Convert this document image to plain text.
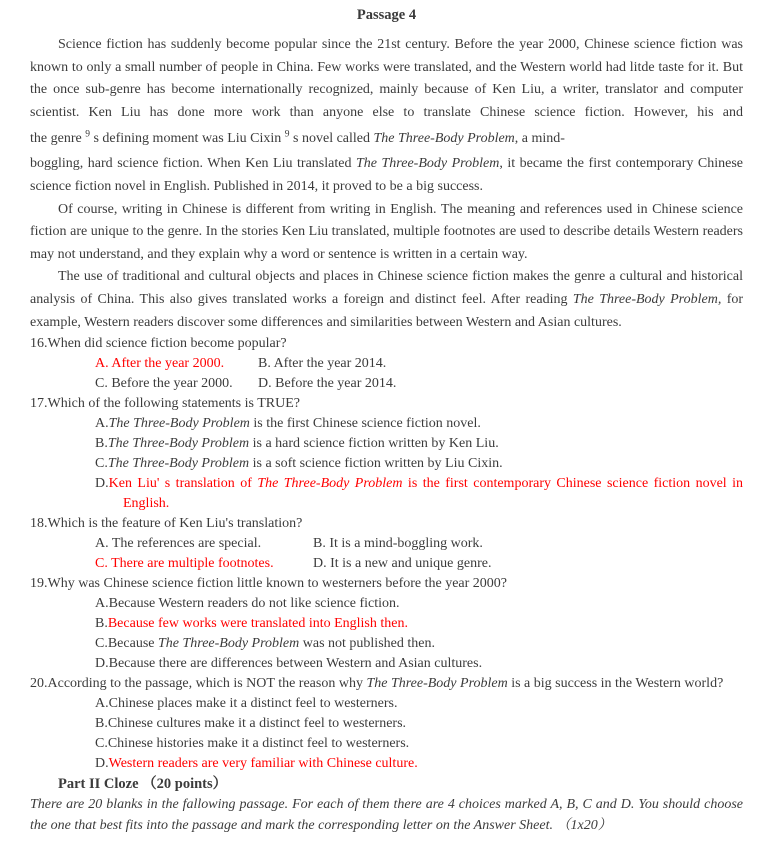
Passage 4

Science fiction has suddenly become popular since the 21st century. Before the year 2000, Chinese science fiction was known to only a small number of people in China. Few works were translated, and the Western world had litde taste for it. But the once sub-genre has become internationally recognized, mainly because of Ken Liu, a writer, translator and computer scientist. Ken Liu has done more work than anyone else to translate Chinese science fiction. However, his and

the genre $^9$ s defining moment was Liu Cixin $^9$ s novel called The Three-Body Problem, a mind-

boggling, hard science fiction. When Ken Liu translated The Three-Body Problem, it became the first contemporary Chinese science fiction novel in English. Published in 2014, it proved to be a big success.

Of course, writing in Chinese is different from writing in English. The meaning and references used in Chinese science fiction are unique to the genre. In the stories Ken Liu translated, multiple footnotes are used to describe details Western readers may not understand, and they explain why a word or sentence is written in a certain way.

The use of traditional and cultural objects and places in Chinese science fiction makes the genre a cultural and historical analysis of China. This also gives translated works a foreign and distinct feel. After reading The Three-Body Problem, for example, Western readers discover some differences and similarities between Western and Asian cultures.

16.When did science fiction become popular?
A. After the year 2000.	B. After the year 2014.
C. Before the year 2000.	D. Before the year 2014.
17.Which of the following statements is TRUE?
A.The Three-Body Problem is the first Chinese science fiction novel.
B.The Three-Body Problem is a hard science fiction written by Ken Liu.
C.The Three-Body Problem is a soft science fiction written by Liu Cixin.
D.Ken Liu' s translation of The Three-Body Problem is the first contemporary Chinese science fiction novel in English.
18.Which is the feature of Ken Liu's translation?
A. The references are special.	B. It is a mind-boggling work.
C. There are multiple footnotes.	D. It is a new and unique genre.
19.Why was Chinese science fiction little known to westerners before the year 2000?
A.Because Western readers do not like science fiction.
B.Because few works were translated into English then.
C.Because The Three-Body Problem was not published then.
D.Because there are differences between Western and Asian cultures.
20.According to the passage, which is NOT the reason why The Three-Body Problem is a big success in the Western world?
A.Chinese places make it a distinct feel to westerners.
B.Chinese cultures make it a distinct feel to westerners.
C.Chinese histories make it a distinct feel to westerners.
D.Western readers are very familiar with Chinese culture.
Part II Cloze （20 points）

There are 20 blanks in the fallowing passage. For each of them there are 4 choices marked A, B, C and D. You should choose the one that best fits into the passage and mark the corresponding letter on the Answer Sheet. （1x20）
